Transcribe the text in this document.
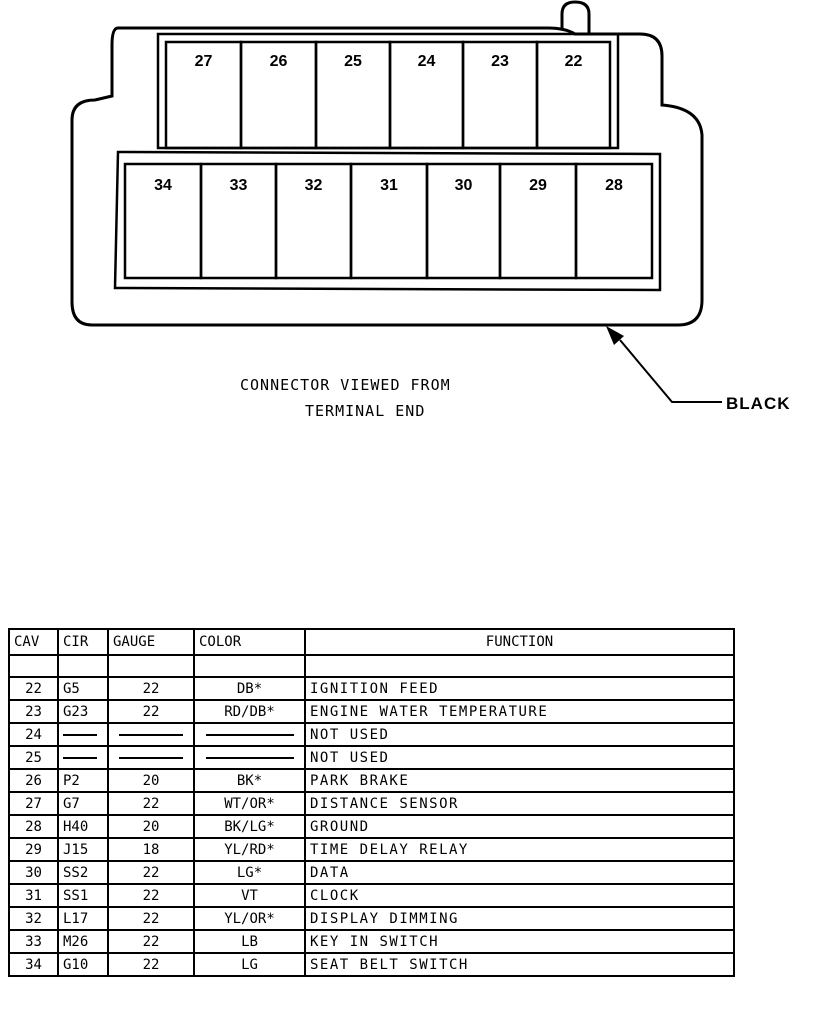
27	26	25	24	23	22
34	33	32	31	30	29	28
CONNECTOR VIEWED FROM
TERMINAL END	BLACK
CAV	CIR	GAUGE	COLOR	FUNCTION

22	G5	22	DB*	IGNITION FEED
23	G23	22	RD/DB*	ENGINE WATER TEMPERATURE
24				NOT USED
25				NOT USED
26	P2	20	BK*	PARK BRAKE
27	G7	22	WT/OR*	DISTANCE SENSOR
28	H40	20	BK/LG*	GROUND
29	J15	18	YL/RD*	TIME DELAY RELAY
30	SS2	22	LG*	DATA
31	SS1	22	VT	CLOCK
32	L17	22	YL/OR*	DISPLAY DIMMING
33	M26	22	LB	KEY IN SWITCH
34	G10	22	LG	SEAT BELT SWITCH
